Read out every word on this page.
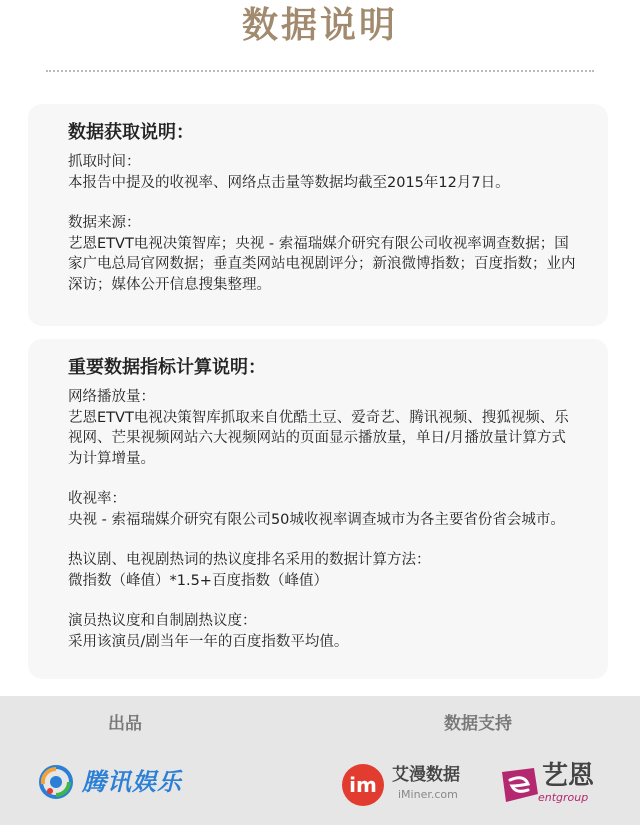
数据说明
数据获取说明：
抓取时间：
本报告中提及的收视率、网络点击量等数据均截至2015年12月7日。
数据来源：
艺恩ETVT电视决策智库；央视 - 索福瑞媒介研究有限公司收视率调查数据；国家广电总局官网数据；垂直类网站电视剧评分；新浪微博指数；百度指数；业内深访；媒体公开信息搜集整理。
重要数据指标计算说明：
网络播放量：
艺恩ETVT电视决策智库抓取来自优酷土豆、爱奇艺、腾讯视频、搜狐视频、乐视网、芒果视频网站六大视频网站的页面显示播放量，单日/月播放量计算方式为计算增量。
收视率：
央视 - 索福瑞媒介研究有限公司50城收视率调查城市为各主要省份省会城市。
热议剧、电视剧热词的热议度排名采用的数据计算方法：
微指数（峰值）*1.5+百度指数（峰值）
演员热议度和自制剧热议度：
采用该演员/剧当年一年的百度指数平均值。
出品	数据支持
腾讯娱乐	im 艾漫数据
iMiner.com
艺恩
entgroup
